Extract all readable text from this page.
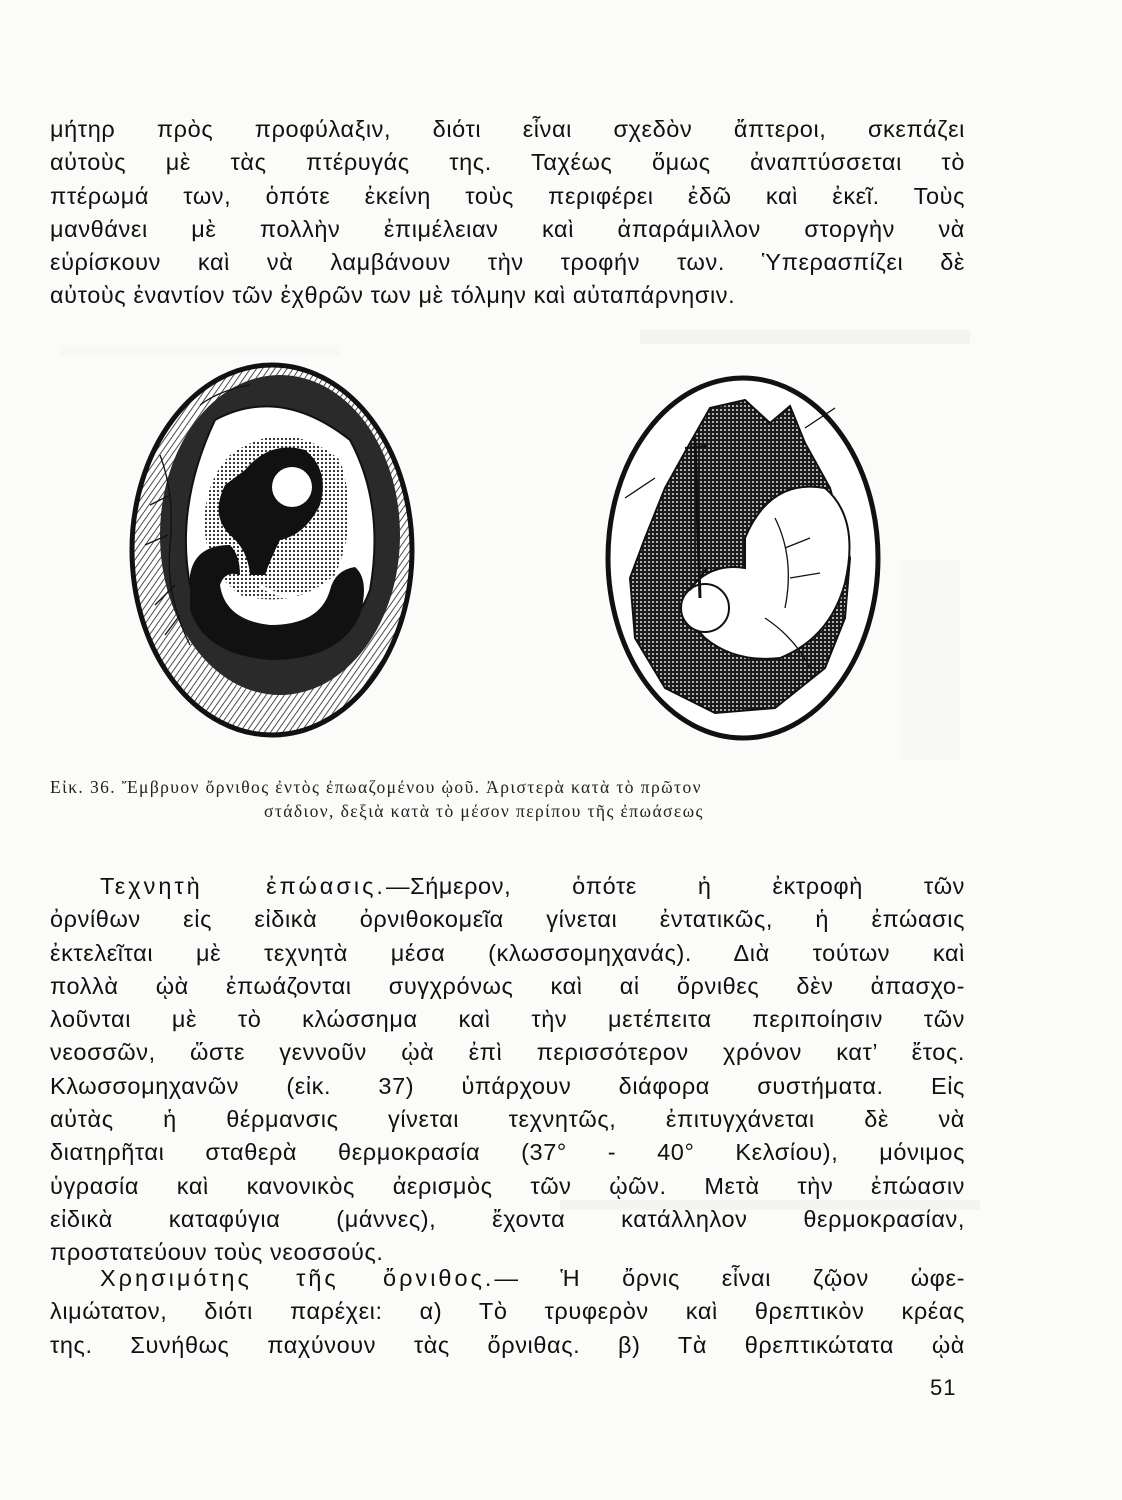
μήτηρ πρὸς προφύλαξιν, διότι εἶναι σχεδὸν ἄπτεροι, σκεπάζει
αὐτοὺς μὲ τὰς πτέρυγάς της. Ταχέως ὅμως ἀναπτύσσεται τὸ
πτέρωμά των, ὁπότε ἐκείνη τοὺς περιφέρει ἐδῶ καὶ ἐκεῖ. Τοὺς
μανθάνει μὲ πολλὴν ἐπιμέλειαν καὶ ἀπαράμιλλον στοργὴν νὰ
εὑρίσκουν καὶ νὰ λαμβάνουν τὴν τροφήν των. Ὑπερασπίζει δὲ
αὐτοὺς ἐναντίον τῶν ἐχθρῶν των μὲ τόλμην καὶ αὐταπάρνησιν.
Εἰκ. 36. Ἔμβρυον ὄρνιθος ἐντὸς ἐπωαζομένου ᾠοῦ. Ἀριστερὰ κατὰ τὸ πρῶτον
στάδιον, δεξιὰ κατὰ τὸ μέσον περίπου τῆς ἐπωάσεως
Τεχνητὴ ἐπώασις.—Σήμερον, ὁπότε ἡ ἐκτροφὴ τῶν
ὀρνίθων εἰς εἰδικὰ ὀρνιθοκομεῖα γίνεται ἐντατικῶς, ἡ ἐπώασις
ἐκτελεῖται μὲ τεχνητὰ μέσα (κλωσσομηχανάς). Διὰ τούτων καὶ
πολλὰ ᾠὰ ἐπωάζονται συγχρόνως καὶ αἱ ὄρνιθες δὲν ἀπασχο-
λοῦνται μὲ τὸ κλώσσημα καὶ τὴν μετέπειτα περιποίησιν τῶν
νεοσσῶν, ὥστε γεννοῦν ᾠὰ ἐπὶ περισσότερον χρόνον κατ’ ἔτος.
Κλωσσομηχανῶν (εἰκ. 37) ὑπάρχουν διάφορα συστήματα. Εἰς
αὐτὰς ἡ θέρμανσις γίνεται τεχνητῶς, ἐπιτυγχάνεται δὲ νὰ
διατηρῆται σταθερὰ θερμοκρασία (37° - 40° Κελσίου), μόνιμος
ὑγρασία καὶ κανονικὸς ἀερισμὸς τῶν ᾠῶν. Μετὰ τὴν ἐπώασιν
εἰδικὰ καταφύγια (μάννες), ἔχοντα κατάλληλον θερμοκρασίαν,
προστατεύουν τοὺς νεοσσούς.
Χρησιμότης τῆς ὄρνιθος.— Ἡ ὄρνις εἶναι ζῷον ὠφε-
λιμώτατον, διότι παρέχει: α) Τὸ τρυφερὸν καὶ θρεπτικὸν κρέας
της. Συνήθως παχύνουν τὰς ὄρνιθας. β) Τὰ θρεπτικώτατα ᾠὰ
51
